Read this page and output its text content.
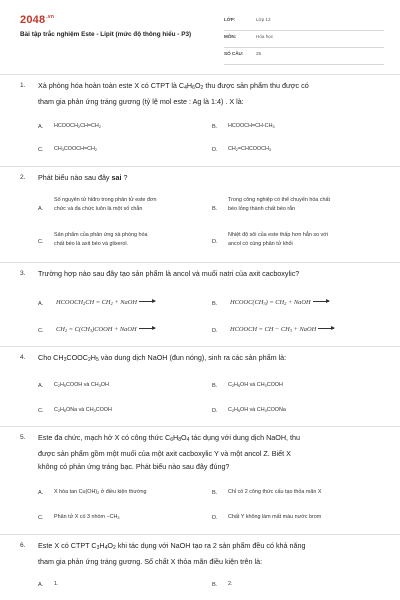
$2048^{.vn}$
Bài tập trắc nghiệm Este - Lipit (mức độ thông hiểu - P3)
LỚP:	Lớp 12
MÔN:	Hóa học
SỐ CÂU:	25
1. Xà phòng hóa hoàn toàn este X có CTPT là $C_4H_6O_2$ thu được sản phẩm thu được có
tham gia phản ứng tráng gương (tỷ lệ mol este : Ag là 1:4) . X là:
A. $HCOOCH_2CH=CH_2$	B. $HCOOCH=CH-CH_3$
C. $CH_3COOCH=CH_2$	D. $CH_2=CHCOOCH_3$
2. Phát biểu nào sau đây sai ?
A.
Số nguyên tử hiđro trong phân tử este đơn
chức và đa chức luôn là một số chẵn	B.
Trong công nghiệp có thể chuyển hóa chất
béo lỏng thành chất béo rắn
C.
Sản phẩm của phản ứng xà phòng hóa
chất béo là axit béo và glixerol.	D.
Nhiệt độ sôi của este thấp hơn hẳn so với
ancol có cùng phân tử khối
3. Trường hợp nào sau đây tạo sản phẩm là ancol và muối natri của axit cacboxylic?
A. $HCOOCH_2CH = CH_2$ + NaOH	B. $HCOOC(CH_3) = CH_2$ + NaOH
C. $CH_2$ = $C(CH_3)COOH$ + NaOH	D. HCOOCH = CH − $CH_3$ + NaOH
4. Cho $CH_3COOC_2H_5$ vào dung dịch NaOH (đun nóng), sinh ra các sản phẩm là:
A. $C_2H_5COOH$ và $CH_3OH$	B. $C_2H_5OH$ và $CH_3COOH$
C. $C_2H_5ONa$ và $CH_3COOH$	D. $C_2H_5OH$ và $CH_3COONa$
5. Este đa chức, mạch hở X có công thức $C_6H_8O_4$ tác dụng với dung dịch NaOH, thu
được sản phẩm gồm một muối của một axit cacboxylic Y và một ancol Z. Biết X
không có phản ứng tráng bạc. Phát biểu nào sau đây đúng?
A. X hòa $\tan Cu(OH)_2$ ở điều kiện thường	B. Chỉ có 2 công thức cấu tạo thỏa mãn X
C. Phân tử X có 3 nhóm $-CH_3$	D. Chất Y không làm mất màu nước brom
6. Este X có CTPT $C_3H_4O_2$ khi tác dụng với NaOH tạo ra 2 sản phẩm đều có khả năng
tham gia phản ứng tráng gương. Số chất X thỏa mãn điều kiện trên là:
A. 1.	B. 2.
